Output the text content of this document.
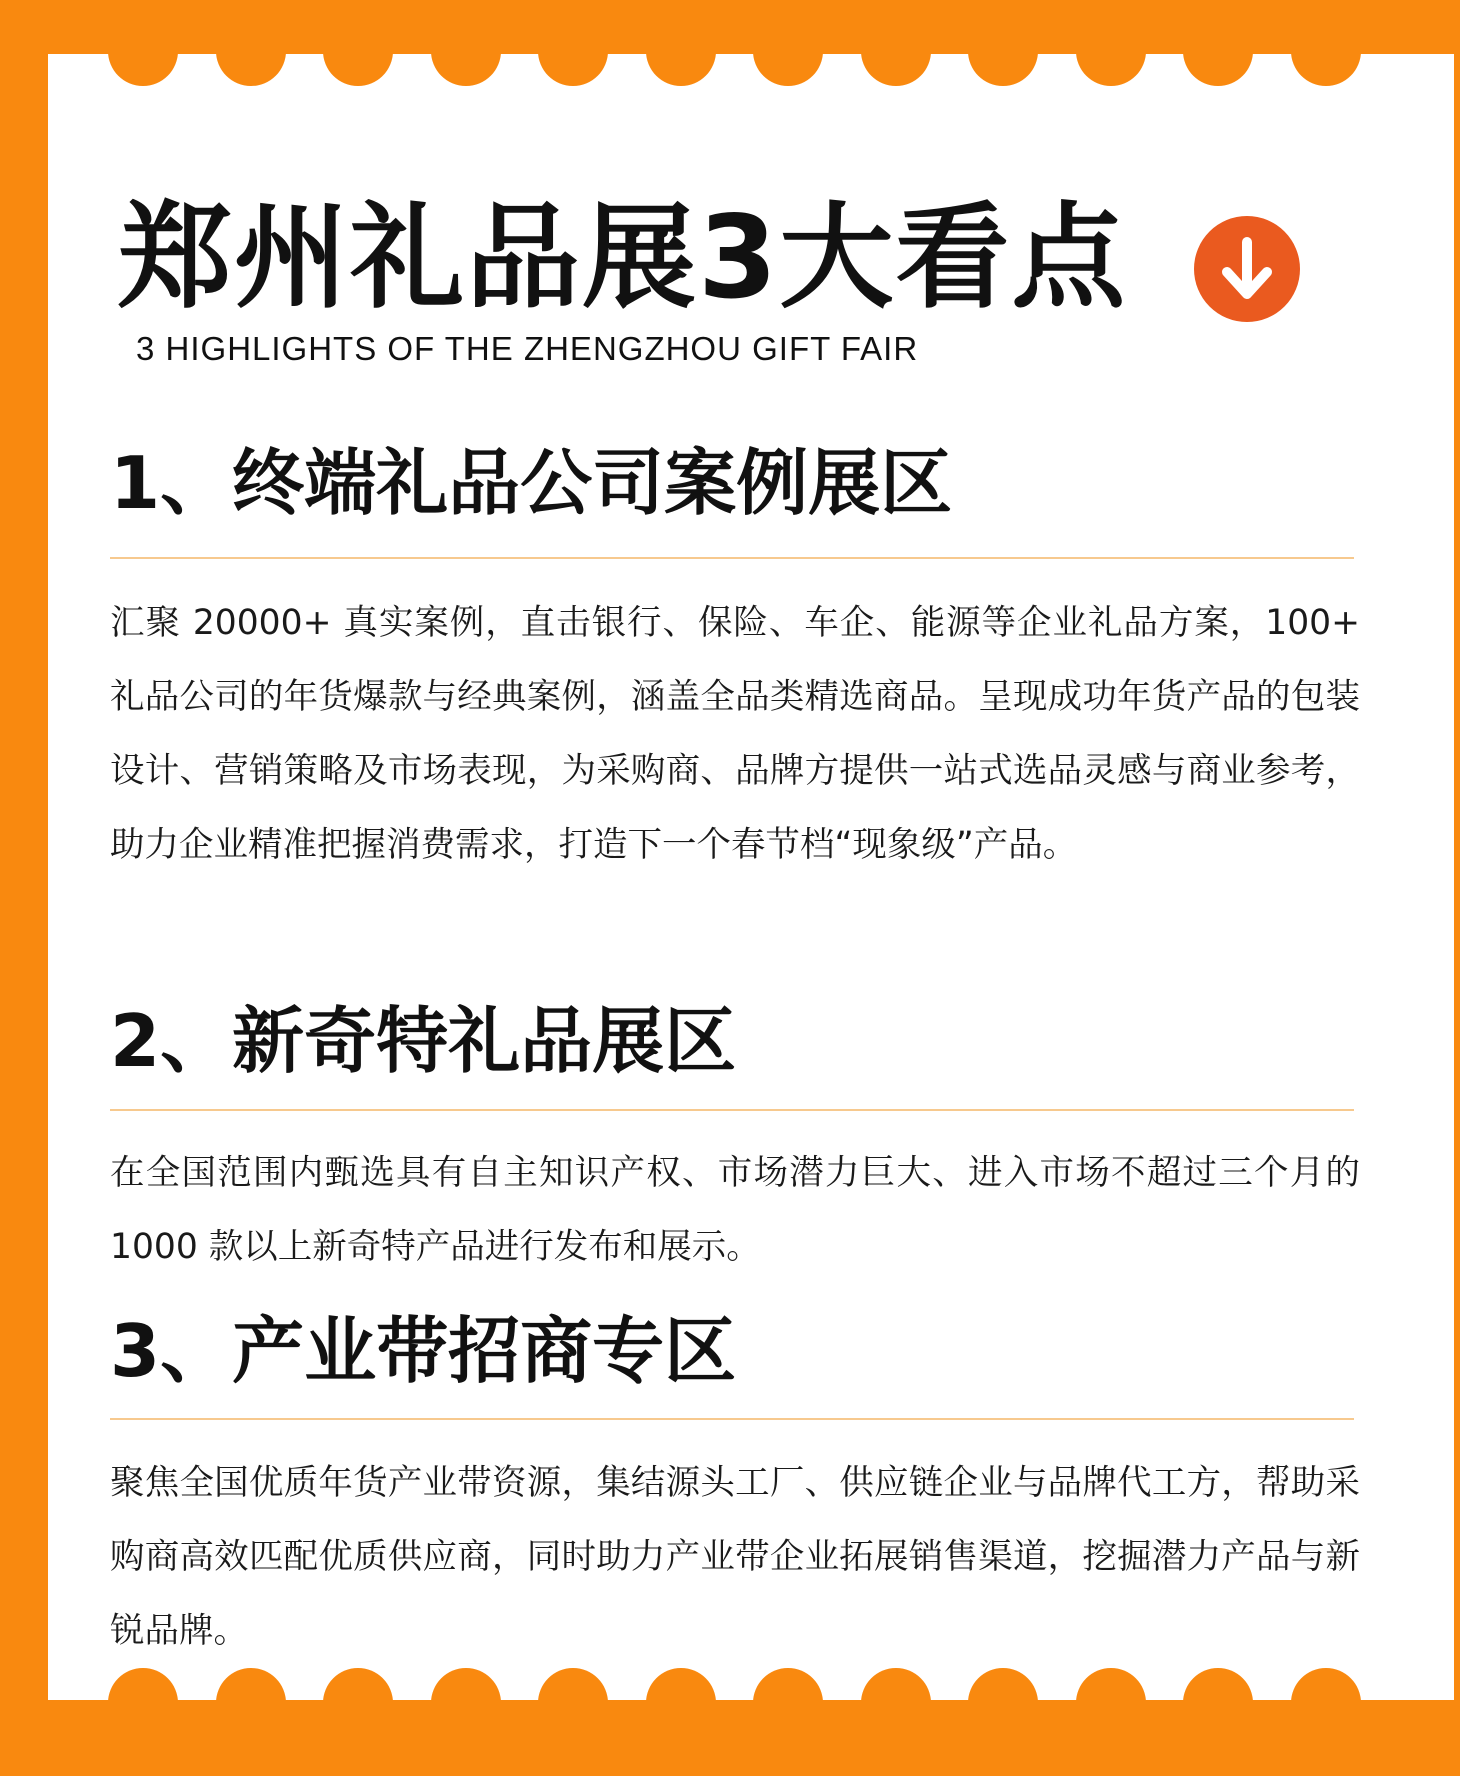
郑州礼品展3大看点
3 HIGHLIGHTS OF THE ZHENGZHOU GIFT FAIR
1、终端礼品公司案例展区

汇聚 20000+ 真实案例，直击银行、保险、车企、能源等企业礼品方案，100+ 礼品公司的年货爆款与经典案例，涵盖全品类精选商品。呈现成功年货产品的包装设计、营销策略及市场表现，为采购商、品牌方提供一站式选品灵感与商业参考，助力企业精准把握消费需求，打造下一个春节档“现象级”产品。

2、新奇特礼品展区

在全国范围内甄选具有自主知识产权、市场潜力巨大、进入市场不超过三个月的 1000 款以上新奇特产品进行发布和展示。

3、产业带招商专区

聚焦全国优质年货产业带资源，集结源头工厂、供应链企业与品牌代工方，帮助采购商高效匹配优质供应商，同时助力产业带企业拓展销售渠道，挖掘潜力产品与新锐品牌。
